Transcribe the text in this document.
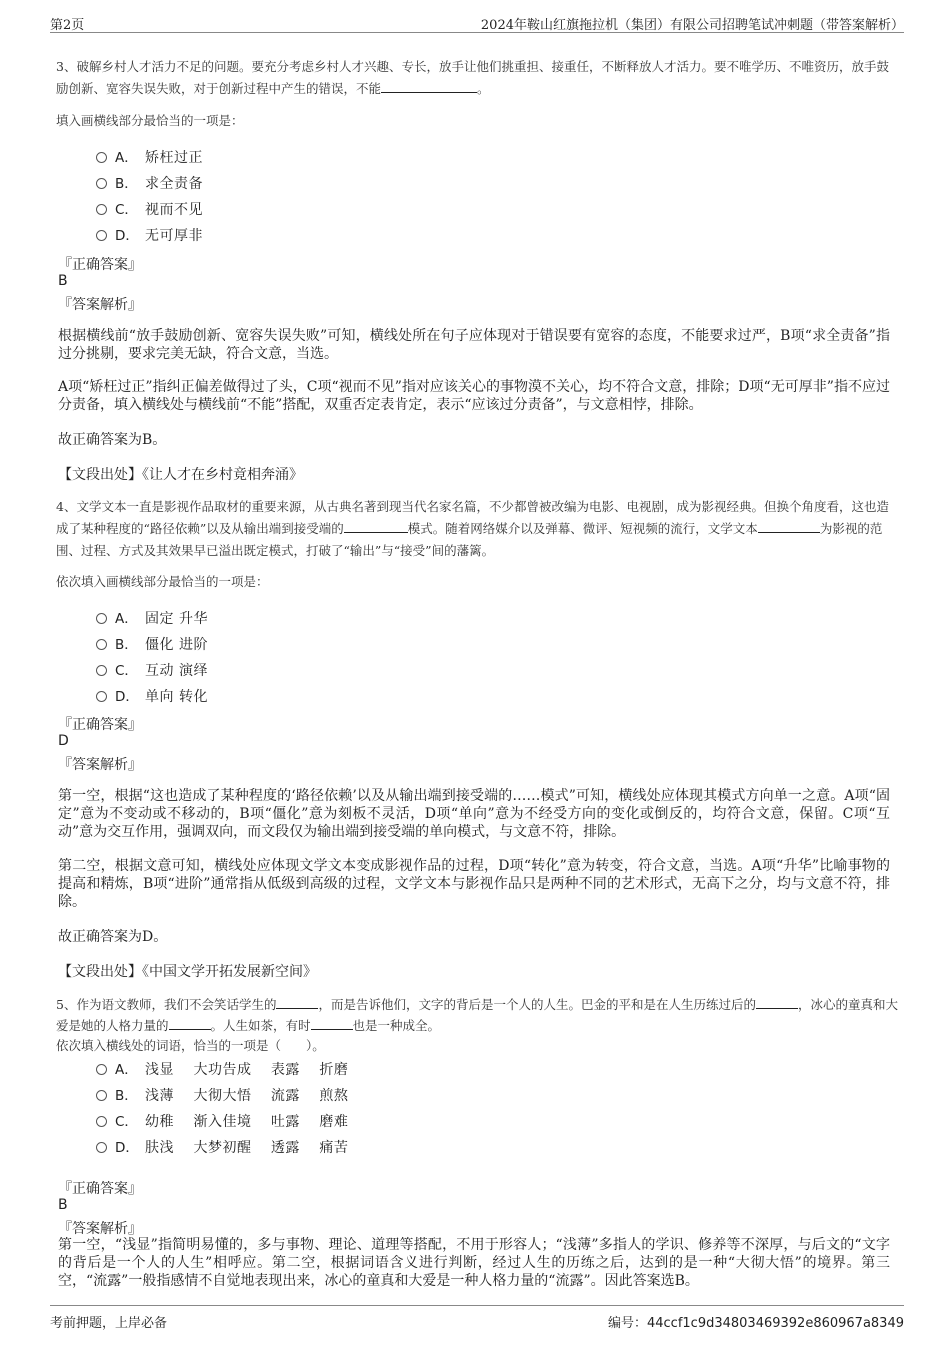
第2页	2024年鞍山红旗拖拉机（集团）有限公司招聘笔试冲刺题（带答案解析）
3、破解乡村人才活力不足的问题。要充分考虑乡村人才兴趣、专长，放手让他们挑重担、接重任，不断释放人才活力。要不唯学历、不唯资历，放手鼓励创新、宽容失误失败，对于创新过程中产生的错误，不能	。
填入画横线部分最恰当的一项是：
A． 矫枉过正
B． 求全责备
C． 视而不见
D． 无可厚非
『正确答案』
B
『答案解析』
根据横线前“放手鼓励创新、宽容失误失败”可知，横线处所在句子应体现对于错误要有宽容的态度，不能要求过严，B项“求全责备”指过分挑剔，要求完美无缺，符合文意，当选。
A项“矫枉过正”指纠正偏差做得过了头，C项“视而不见”指对应该关心的事物漠不关心，均不符合文意，排除；D项“无可厚非”指不应过分责备，填入横线处与横线前“不能”搭配，双重否定表肯定，表示“应该过分责备”，与文意相悖，排除。
故正确答案为B。
【文段出处】《让人才在乡村竟相奔涌》
4、文学文本一直是影视作品取材的重要来源，从古典名著到现当代名家名篇，不少都曾被改编为电影、电视剧，成为影视经典。但换个角度看，这也造成了某种程度的“路径依赖”以及从输出端到接受端的	模式。随着网络媒介以及弹幕、微评、短视频的流行，文学文本	为影视的范围、过程、方式及其效果早已溢出既定模式，打破了“输出”与“接受”间的藩篱。
依次填入画横线部分最恰当的一项是：
A． 固定 升华
B． 僵化 进阶
C． 互动 演绎
D． 单向 转化
『正确答案』
D
『答案解析』
第一空，根据“这也造成了某种程度的‘路径依赖’以及从输出端到接受端的……模式”可知，横线处应体现其模式方向单一之意。A项“固定”意为不变动或不移动的，B项“僵化”意为刻板不灵活，D项“单向”意为不经受方向的变化或倒反的，均符合文意，保留。C项“互动”意为交互作用，强调双向，而文段仅为输出端到接受端的单向模式，与文意不符，排除。
第二空，根据文意可知，横线处应体现文学文本变成影视作品的过程，D项“转化”意为转变，符合文意，当选。A项“升华”比喻事物的提高和精炼，B项“进阶”通常指从低级到高级的过程，文学文本与影视作品只是两种不同的艺术形式，无高下之分，均与文意不符，排除。
故正确答案为D。
【文段出处】《中国文学开拓发展新空间》
5、作为语文教师，我们不会笑话学生的	，而是告诉他们，文字的背后是一个人的人生。巴金的平和是在人生历练过后的	，冰心的童真和大爱是她的人格力量的	。人生如茶，有时	也是一种成全。
依次填入横线处的词语，恰当的一项是（　　）。
A． 浅显　 大功告成　 表露　 折磨
B． 浅薄　 大彻大悟　 流露　 煎熬
C． 幼稚　 渐入佳境　 吐露　 磨难
D． 肤浅　 大梦初醒　 透露　 痛苦
『正确答案』
B
『答案解析』
第一空，“浅显”指简明易懂的，多与事物、理论、道理等搭配，不用于形容人；“浅薄”多指人的学识、修养等不深厚，与后文的“文字的背后是一个人的人生”相呼应。第二空，根据词语含义进行判断，经过人生的历练之后，达到的是一种“大彻大悟”的境界。第三空，“流露”一般指感情不自觉地表现出来，冰心的童真和大爱是一种人格力量的“流露”。因此答案选B。
考前押题，上岸必备	编号：44ccf1c9d34803469392e860967a8349
